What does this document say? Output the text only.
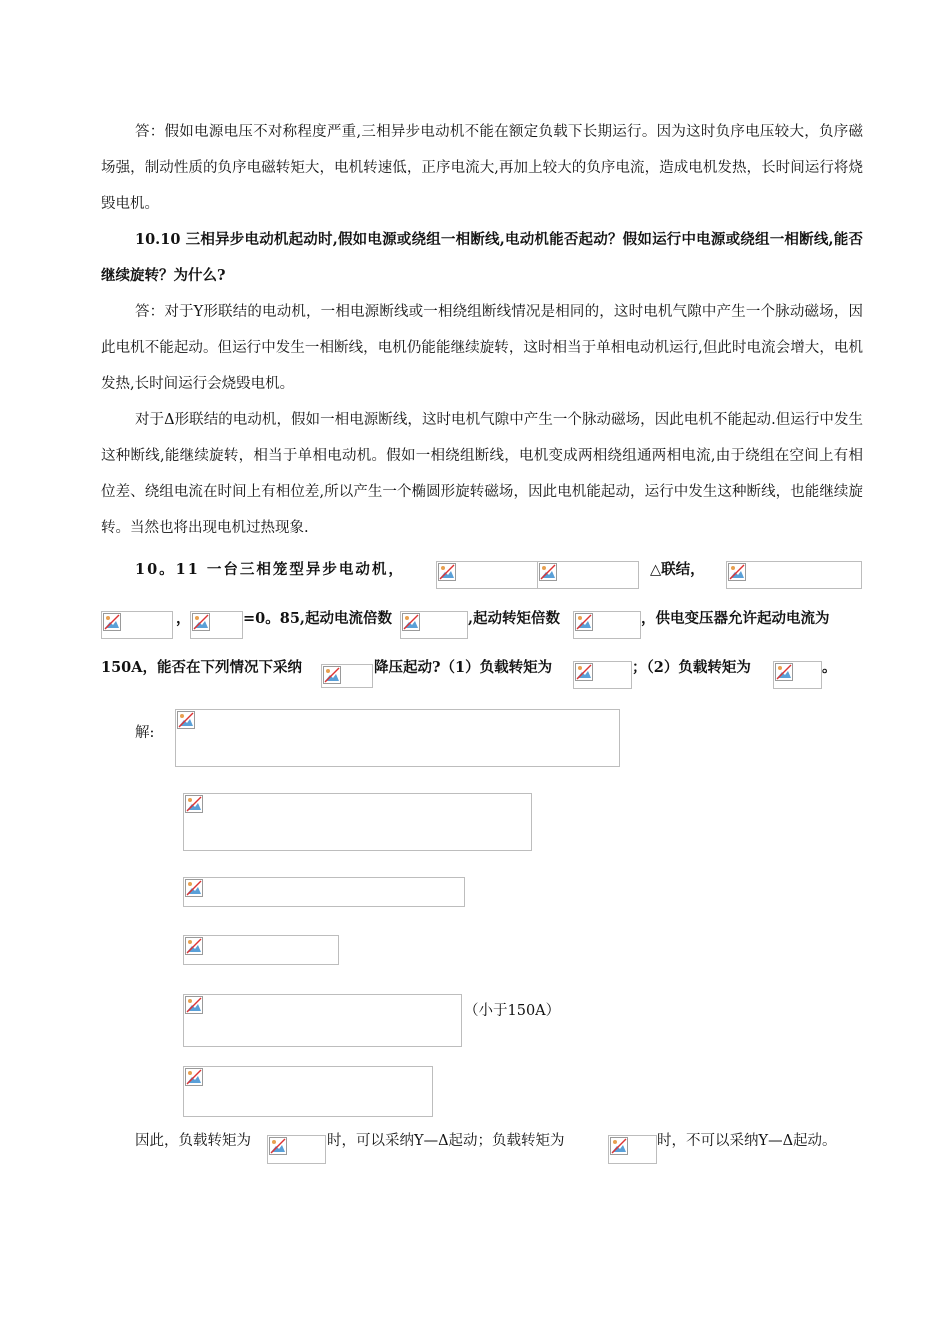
答：假如电源电压不对称程度严重,三相异步电动机不能在额定负载下长期运行。因为这时负序电压较大，负序磁场强，制动性质的负序电磁转矩大，电机转速低，正序电流大,再加上较大的负序电流，造成电机发热，长时间运行将烧毁电机。

10.10 三相异步电动机起动时,假如电源或绕组一相断线,电动机能否起动？假如运行中电源或绕组一相断线,能否继续旋转？为什么?

答：对于Y形联结的电动机，一相电源断线或一相绕组断线情况是相同的，这时电机气隙中产生一个脉动磁场，因此电机不能起动。但运行中发生一相断线，电机仍能能继续旋转，这时相当于单相电动机运行,但此时电流会增大，电机发热,长时间运行会烧毁电机。

对于Δ形联结的电动机，假如一相电源断线，这时电机气隙中产生一个脉动磁场，因此电机不能起动.但运行中发生这种断线,能继续旋转，相当于单相电动机。假如一相绕组断线，电机变成两相绕组通两相电流,由于绕组在空间上有相位差、绕组电流在时间上有相位差,所以产生一个椭圆形旋转磁场，因此电机能起动，运行中发生这种断线，也能继续旋转。当然也将出现电机过热现象.

10。11 一台三相笼型异步电动机，	△联结，
，	=0。85,起动电流倍数	,起动转矩倍数	，供电变压器允许起动电流为
150A，能否在下列情况下采纳	降压起动?（1）负载转矩为	；（2）负载转矩为	。
解:
（小于150A）
因此，负载转矩为	时，可以采纳Y—Δ起动；负载转矩为	时，不可以采纳Y—Δ起动。
